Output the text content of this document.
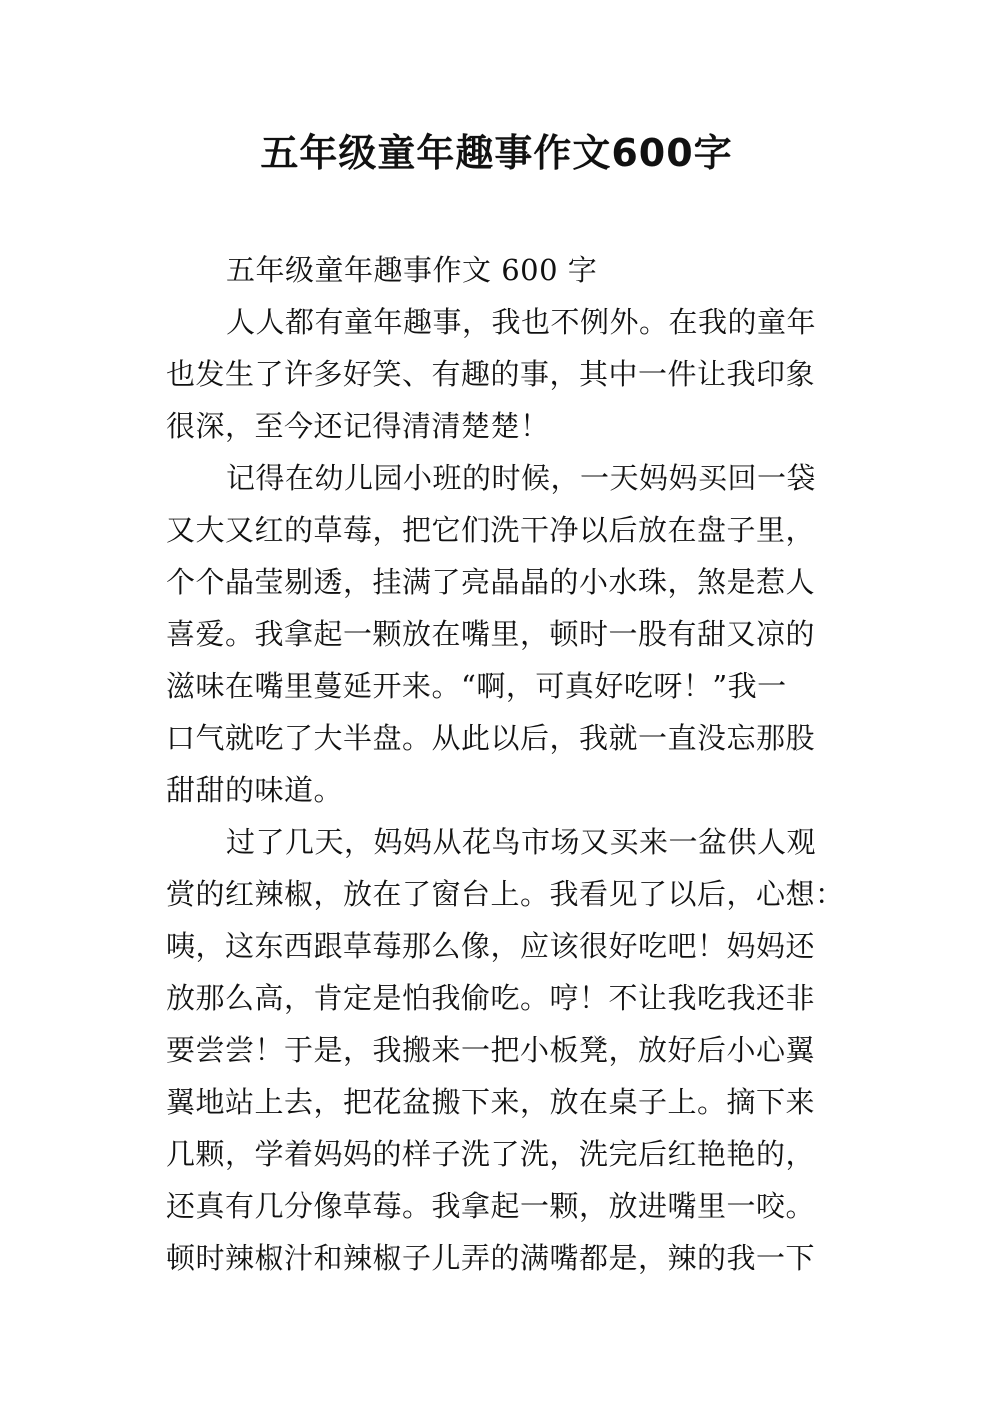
五年级童年趣事作文600字
五年级童年趣事作文 600 字
人人都有童年趣事，我也不例外。在我的童年
也发生了许多好笑、有趣的事，其中一件让我印象
很深，至今还记得清清楚楚！
记得在幼儿园小班的时候，一天妈妈买回一袋
又大又红的草莓，把它们洗干净以后放在盘子里，
个个晶莹剔透，挂满了亮晶晶的小水珠，煞是惹人
喜爱。我拿起一颗放在嘴里，顿时一股有甜又凉的
滋味在嘴里蔓延开来。“啊，可真好吃呀！”我一
口气就吃了大半盘。从此以后，我就一直没忘那股
甜甜的味道。
过了几天，妈妈从花鸟市场又买来一盆供人观
赏的红辣椒，放在了窗台上。我看见了以后，心想：
咦，这东西跟草莓那么像，应该很好吃吧！妈妈还
放那么高，肯定是怕我偷吃。哼！不让我吃我还非
要尝尝！于是，我搬来一把小板凳，放好后小心翼
翼地站上去，把花盆搬下来，放在桌子上。摘下来
几颗，学着妈妈的样子洗了洗，洗完后红艳艳的，
还真有几分像草莓。我拿起一颗，放进嘴里一咬。
顿时辣椒汁和辣椒子儿弄的满嘴都是，辣的我一下
